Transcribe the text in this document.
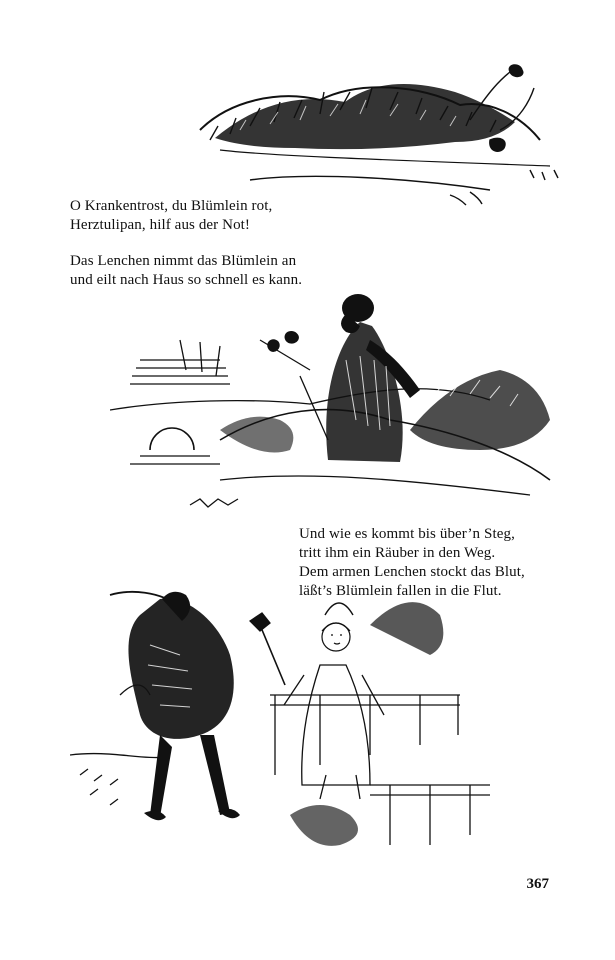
O Krankentrost, du Blümlein rot,
Herztulipan, hilf aus der Not!
Das Lenchen nimmt das Blümlein an
und eilt nach Haus so schnell es kann.
Und wie es kommt bis über’n Steg,
tritt ihm ein Räuber in den Weg.
Dem armen Lenchen stockt das Blut,
läßt’s Blümlein fallen in die Flut.
367
